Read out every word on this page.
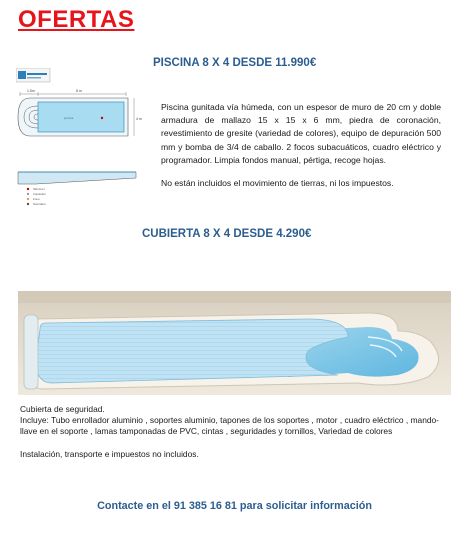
OFERTAS
PISCINA 8 X 4 DESDE 11.990€
1.5m	8 m
4 m
piscina
Skimmer
Impulsión
Foco
Sumidero
Piscina gunitada vía húmeda, con un espesor de muro de 20 cm y doble armadura de mallazo 15 x 15 x 6 mm, piedra de coronación, revestimiento de gresite (variedad de colores), equipo de depuración 500 mm y bomba de 3/4 de caballo. 2 focos subacuáticos, cuadro eléctrico y programador. Limpia fondos manual, pértiga, recoge hojas.
No están incluidos el movimiento de tierras, ni los impuestos.
CUBIERTA 8 X 4 DESDE 4.290€
Cubierta de seguridad.
Incluye: Tubo enrollador aluminio , soportes aluminio, tapones de los soportes , motor , cuadro eléctrico , mando-llave en el soporte , lamas tamponadas de PVC, cintas , seguridades y tornillos, Variedad de colores
Instalación, transporte e impuestos no incluidos.
Contacte en el 91 385 16 81 para solicitar información
